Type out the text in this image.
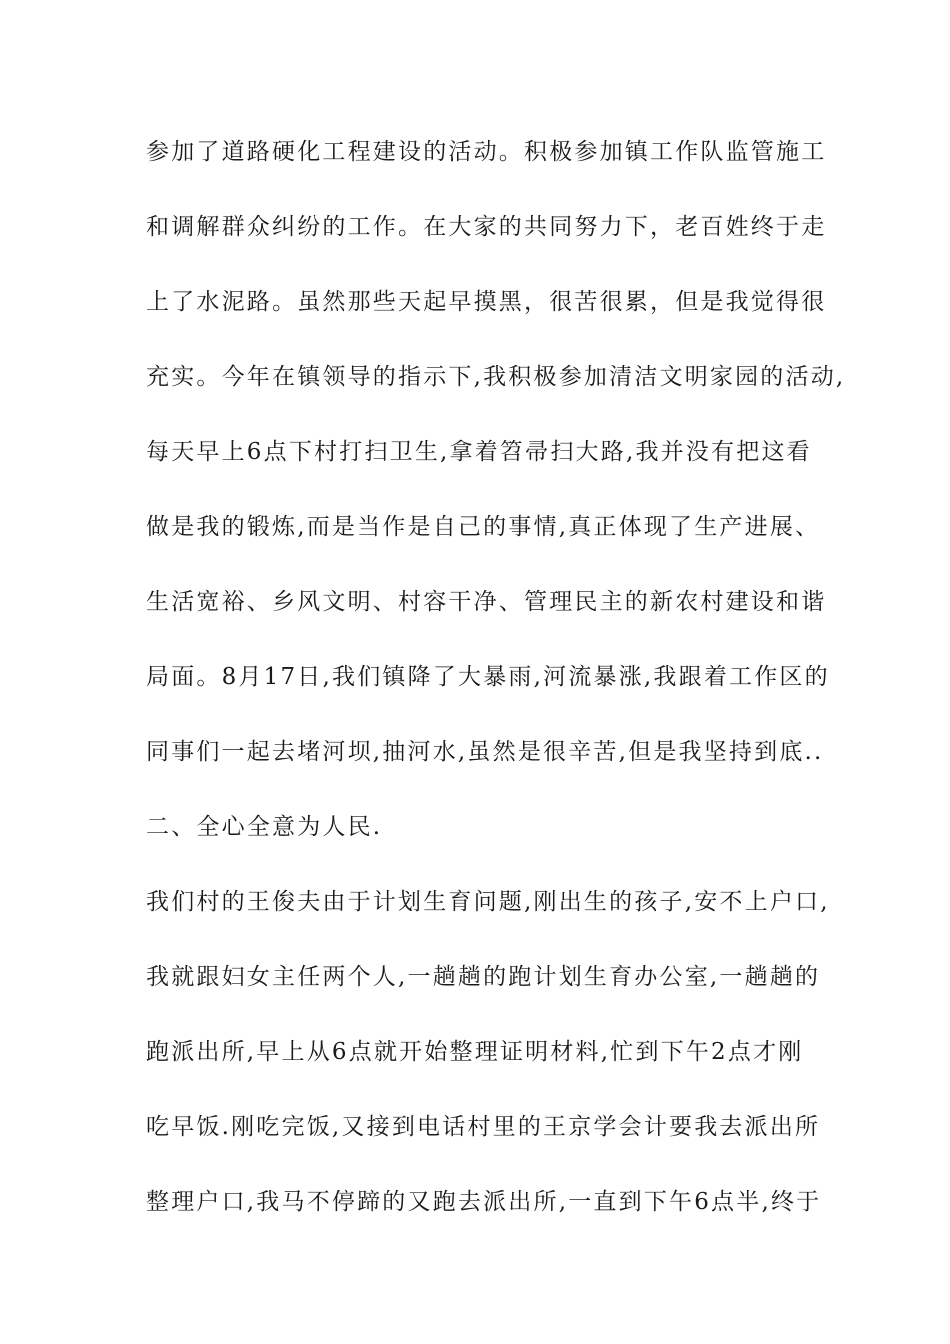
参加了道路硬化工程建设的活动。积极参加镇工作队监管施工

和调解群众纠纷的工作。在大家的共同努力下，老百姓终于走

上了水泥路。虽然那些天起早摸黑，很苦很累，但是我觉得很

充实。今年在镇领导的指示下,我积极参加清洁文明家园的活动,

每天早上6点下村打扫卫生,拿着笤帚扫大路,我并没有把这看

做是我的锻炼,而是当作是自己的事情,真正体现了生产进展、

生活宽裕、乡风文明、村容干净、管理民主的新农村建设和谐

局面。8月17日,我们镇降了大暴雨,河流暴涨,我跟着工作区的

同事们一起去堵河坝,抽河水,虽然是很辛苦,但是我坚持到底..

二、全心全意为人民.

我们村的王俊夫由于计划生育问题,刚出生的孩子,安不上户口,

我就跟妇女主任两个人,一趟趟的跑计划生育办公室,一趟趟的

跑派出所,早上从6点就开始整理证明材料,忙到下午2点才刚

吃早饭.刚吃完饭,又接到电话村里的王京学会计要我去派出所

整理户口,我马不停蹄的又跑去派出所,一直到下午6点半,终于
